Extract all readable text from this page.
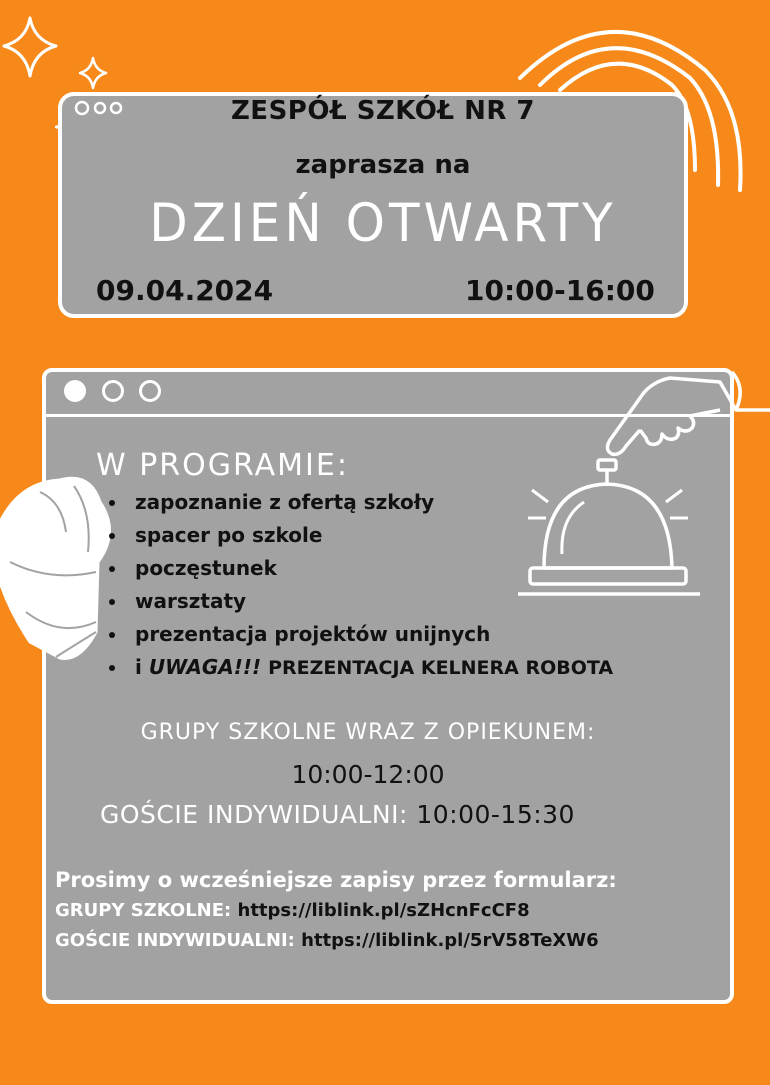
ZESPÓŁ SZKÓŁ NR 7
zaprasza na
DZIEŃ OTWARTY
09.04.2024	10:00-16:00
W PROGRAMIE:
zapoznanie z ofertą szkoły
spacer po szkole
poczęstunek
warsztaty
prezentacja projektów unijnych
i UWAGA!!! PREZENTACJA KELNERA ROBOTA
GRUPY SZKOLNE WRAZ Z OPIEKUNEM:
10:00-12:00
GOŚCIE INDYWIDUALNI: 10:00-15:30
Prosimy o wcześniejsze zapisy przez formularz:
GRUPY SZKOLNE: https://liblink.pl/sZHcnFcCF8
GOŚCIE INDYWIDUALNI: https://liblink.pl/5rV58TeXW6
